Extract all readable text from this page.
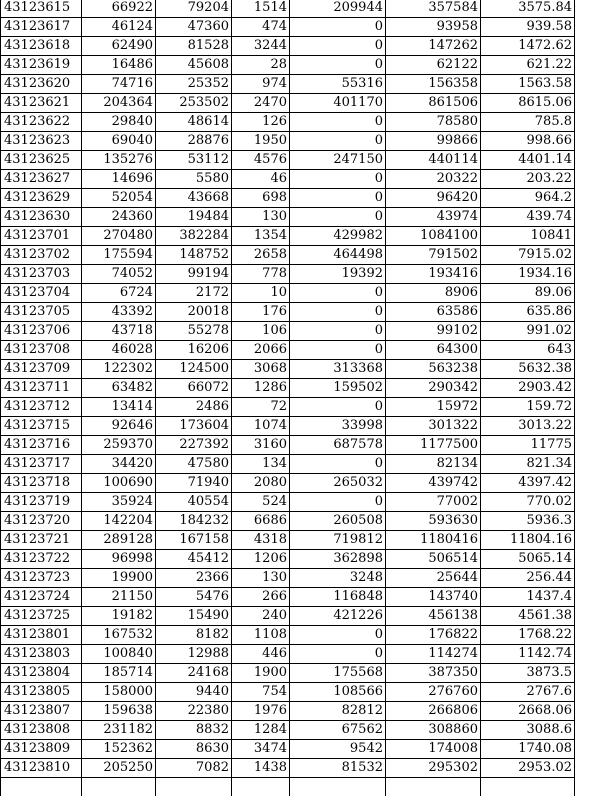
43123615	66922	79204	1514	209944	357584	3575.84
43123617	46124	47360	474	0	93958	939.58
43123618	62490	81528	3244	0	147262	1472.62
43123619	16486	45608	28	0	62122	621.22
43123620	74716	25352	974	55316	156358	1563.58
43123621	204364	253502	2470	401170	861506	8615.06
43123622	29840	48614	126	0	78580	785.8
43123623	69040	28876	1950	0	99866	998.66
43123625	135276	53112	4576	247150	440114	4401.14
43123627	14696	5580	46	0	20322	203.22
43123629	52054	43668	698	0	96420	964.2
43123630	24360	19484	130	0	43974	439.74
43123701	270480	382284	1354	429982	1084100	10841
43123702	175594	148752	2658	464498	791502	7915.02
43123703	74052	99194	778	19392	193416	1934.16
43123704	6724	2172	10	0	8906	89.06
43123705	43392	20018	176	0	63586	635.86
43123706	43718	55278	106	0	99102	991.02
43123708	46028	16206	2066	0	64300	643
43123709	122302	124500	3068	313368	563238	5632.38
43123711	63482	66072	1286	159502	290342	2903.42
43123712	13414	2486	72	0	15972	159.72
43123715	92646	173604	1074	33998	301322	3013.22
43123716	259370	227392	3160	687578	1177500	11775
43123717	34420	47580	134	0	82134	821.34
43123718	100690	71940	2080	265032	439742	4397.42
43123719	35924	40554	524	0	77002	770.02
43123720	142204	184232	6686	260508	593630	5936.3
43123721	289128	167158	4318	719812	1180416	11804.16
43123722	96998	45412	1206	362898	506514	5065.14
43123723	19900	2366	130	3248	25644	256.44
43123724	21150	5476	266	116848	143740	1437.4
43123725	19182	15490	240	421226	456138	4561.38
43123801	167532	8182	1108	0	176822	1768.22
43123803	100840	12988	446	0	114274	1142.74
43123804	185714	24168	1900	175568	387350	3873.5
43123805	158000	9440	754	108566	276760	2767.6
43123807	159638	22380	1976	82812	266806	2668.06
43123808	231182	8832	1284	67562	308860	3088.6
43123809	152362	8630	3474	9542	174008	1740.08
43123810	205250	7082	1438	81532	295302	2953.02
